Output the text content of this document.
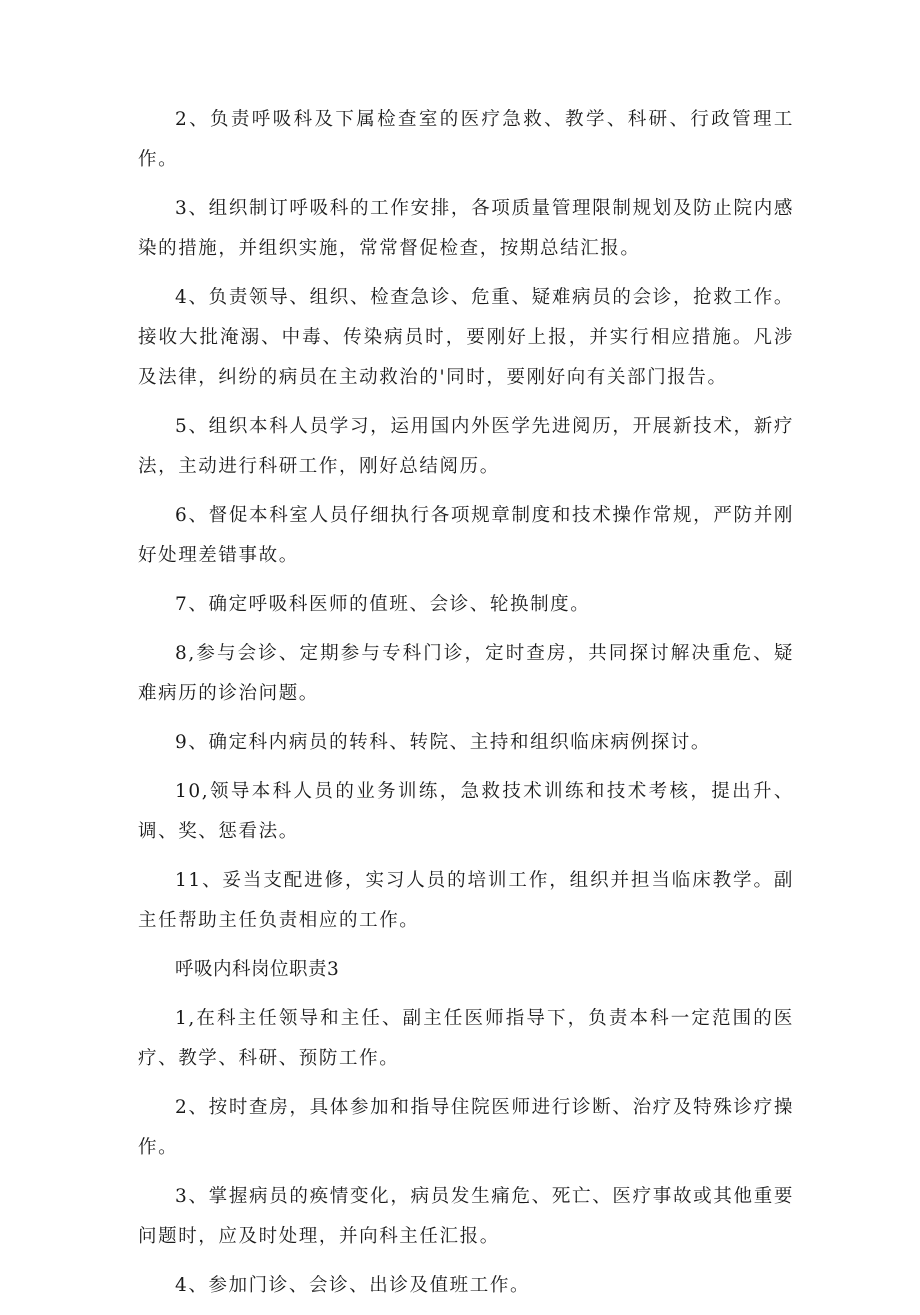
2、负责呼吸科及下属检查室的医疗急救、教学、科研、行政管理工作。

3、组织制订呼吸科的工作安排，各项质量管理限制规划及防止院内感染的措施，并组织实施，常常督促检查，按期总结汇报。

4、负责领导、组织、检查急诊、危重、疑难病员的会诊，抢救工作。接收大批淹溺、中毒、传染病员时，要刚好上报，并实行相应措施。凡涉及法律，纠纷的病员在主动救治的'同时，要刚好向有关部门报告。

5、组织本科人员学习，运用国内外医学先进阅历，开展新技术，新疗法，主动进行科研工作，刚好总结阅历。

6、督促本科室人员仔细执行各项规章制度和技术操作常规，严防并刚好处理差错事故。

7、确定呼吸科医师的值班、会诊、轮换制度。

8,参与会诊、定期参与专科门诊，定时查房，共同探讨解决重危、疑难病历的诊治问题。

9、确定科内病员的转科、转院、主持和组织临床病例探讨。

10,领导本科人员的业务训练，急救技术训练和技术考核，提出升、调、奖、惩看法。

11、妥当支配进修，实习人员的培训工作，组织并担当临床教学。副主任帮助主任负责相应的工作。

呼吸内科岗位职责3

1,在科主任领导和主任、副主任医师指导下，负责本科一定范围的医疗、教学、科研、预防工作。

2、按时查房，具体参加和指导住院医师进行诊断、治疗及特殊诊疗操作。

3、掌握病员的痪情变化，病员发生痛危、死亡、医疗事故或其他重要问题时，应及时处理，并向科主任汇报。

4、参加门诊、会诊、出诊及值班工作。
